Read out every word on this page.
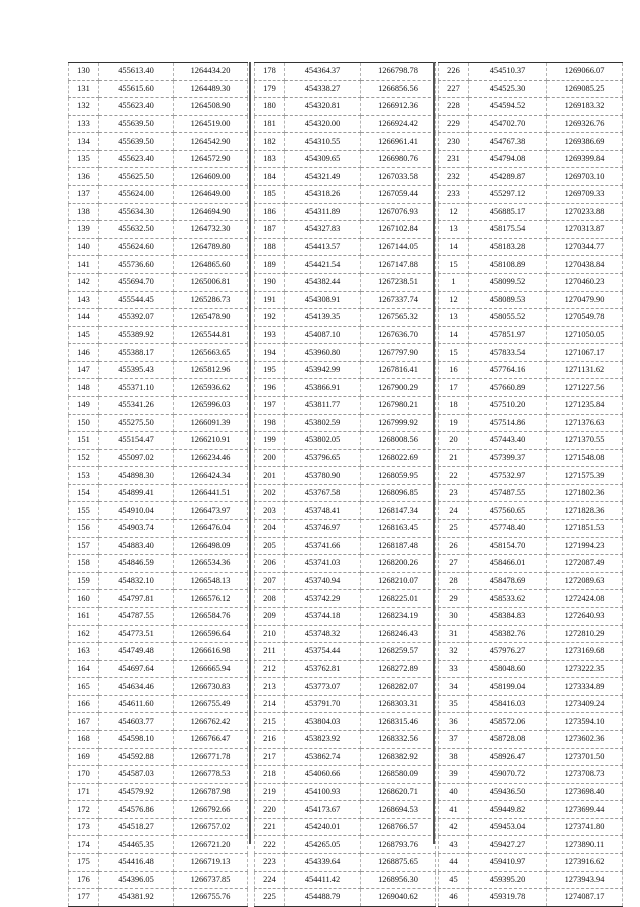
130	455613.40	1264434.20
131	455615.60	1264489.30
132	455623.40	1264508.90
133	455639.50	1264519.00
134	455639.50	1264542.90
135	455623.40	1264572.90
136	455625.50	1264609.00
137	455624.00	1264649.00
138	455634.30	1264694.90
139	455632.50	1264732.30
140	455624.60	1264789.80
141	455736.60	1264865.60
142	455694.70	1265006.81
143	455544.45	1265286.73
144	455392.07	1265478.90
145	455389.92	1265544.81
146	455388.17	1265663.65
147	455395.43	1265812.96
148	455371.10	1265936.62
149	455341.26	1265996.03
150	455275.50	1266091.39
151	455154.47	1266210.91
152	455097.02	1266234.46
153	454898.30	1266424.34
154	454899.41	1266441.51
155	454910.04	1266473.97
156	454903.74	1266476.04
157	454883.40	1266498.09
158	454846.59	1266534.36
159	454832.10	1266548.13
160	454797.81	1266576.12
161	454787.55	1266584.76
162	454773.51	1266596.64
163	454749.48	1266616.98
164	454697.64	1266665.94
165	454634.46	1266730.83
166	454611.60	1266755.49
167	454603.77	1266762.42
168	454598.10	1266766.47
169	454592.88	1266771.78
170	454587.03	1266778.53
171	454579.92	1266787.98
172	454576.86	1266792.66
173	454518.27	1266757.02
174	454465.35	1266721.20
175	454416.48	1266719.13
176	454396.05	1266737.85
177	454381.92	1266755.76
178	454364.37	1266798.78
179	454338.27	1266856.56
180	454320.81	1266912.36
181	454320.00	1266924.42
182	454310.55	1266961.41
183	454309.65	1266980.76
184	454321.49	1267033.58
185	454318.26	1267059.44
186	454311.89	1267076.93
187	454327.83	1267102.84
188	454413.57	1267144.05
189	454421.54	1267147.88
190	454382.44	1267238.51
191	454308.91	1267337.74
192	454139.35	1267565.32
193	454087.10	1267636.70
194	453960.80	1267797.90
195	453942.99	1267816.41
196	453866.91	1267900.29
197	453811.77	1267980.21
198	453802.59	1267999.92
199	453802.05	1268008.56
200	453796.65	1268022.69
201	453780.90	1268059.95
202	453767.58	1268096.85
203	453748.41	1268147.34
204	453746.97	1268163.45
205	453741.66	1268187.48
206	453741.03	1268200.26
207	453740.94	1268210.07
208	453742.29	1268225.01
209	453744.18	1268234.19
210	453748.32	1268246.43
211	453754.44	1268259.57
212	453762.81	1268272.89
213	453773.07	1268282.07
214	453791.70	1268303.31
215	453804.03	1268315.46
216	453823.92	1268332.56
217	453862.74	1268382.92
218	454060.66	1268580.09
219	454100.93	1268620.71
220	454173.67	1268694.53
221	454240.01	1268766.57
222	454265.05	1268793.76
223	454339.64	1268875.65
224	454411.42	1268956.30
225	454488.79	1269040.62
226	454510.37	1269066.07
227	454525.30	1269085.25
228	454594.52	1269183.32
229	454702.70	1269326.76
230	454767.38	1269386.69
231	454794.08	1269399.84
232	454289.87	1269703.10
233	455297.12	1269709.33
12	456885.17	1270233.88
13	458175.54	1270313.87
14	458183.28	1270344.77
15	458108.89	1270438.84
1	458099.52	1270460.23
12	458089.53	1270479.90
13	458055.52	1270549.78
14	457851.97	1271050.05
15	457833.54	1271067.17
16	457764.16	1271131.62
17	457660.89	1271227.56
18	457510.20	1271235.84
19	457514.86	1271376.63
20	457443.40	1271370.55
21	457399.37	1271548.08
22	457532.97	1271575.39
23	457487.55	1271802.36
24	457560.65	1271828.36
25	457748.40	1271851.53
26	458154.70	1271994.23
27	458466.01	1272087.49
28	458478.69	1272089.63
29	458533.62	1272424.08
30	458384.83	1272640.93
31	458382.76	1272810.29
32	457976.27	1273169.68
33	458048.60	1273222.35
34	458199.04	1273334.89
35	458416.03	1273409.24
36	458572.06	1273594.10
37	458728.08	1273602.36
38	458926.47	1273701.50
39	459070.72	1273708.73
40	459436.50	1273698.40
41	459449.82	1273699.44
42	459453.04	1273741.80
43	459427.27	1273890.11
44	459410.97	1273916.62
45	459395.20	1273943.94
46	459319.78	1274087.17
